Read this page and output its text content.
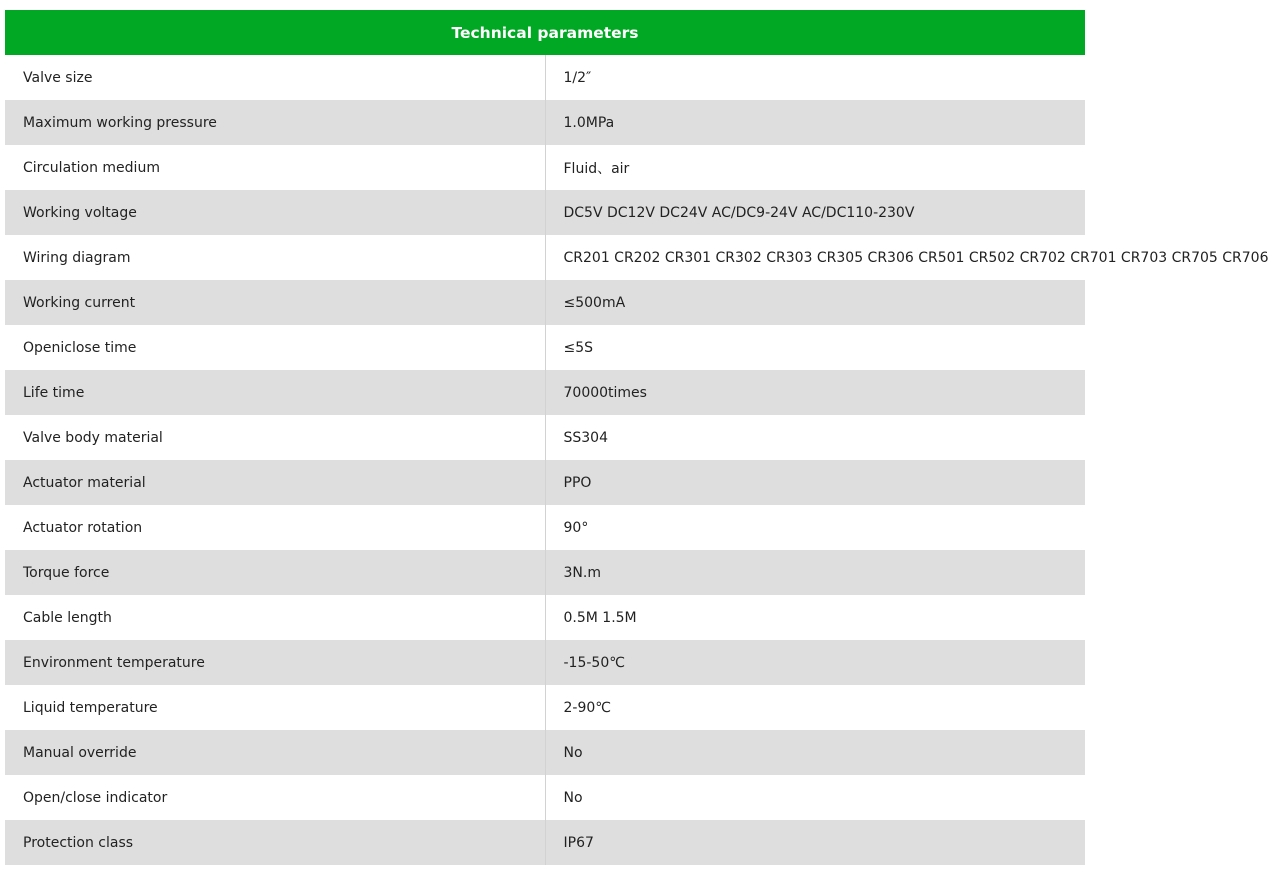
Technical parameters	
Valve size	1/2″
Maximum working pressure	1.0MPa
Circulation medium	Fluid、air
Working voltage	DC5V DC12V DC24V AC/DC9-24V AC/DC110-230V
Wiring diagram	CR201 CR202 CR301 CR302 CR303 CR305 CR306 CR501 CR502 CR702 CR701 CR703 CR705 CR706
Working current	≤500mA
Openiclose time	≤5S
Life time	70000times
Valve body material	SS304
Actuator material	PPO
Actuator rotation	90°
Torque force	3N.m
Cable length	0.5M 1.5M
Environment temperature	-15-50℃
Liquid temperature	2-90℃
Manual override	No
Open/close indicator	No
Protection class	IP67
